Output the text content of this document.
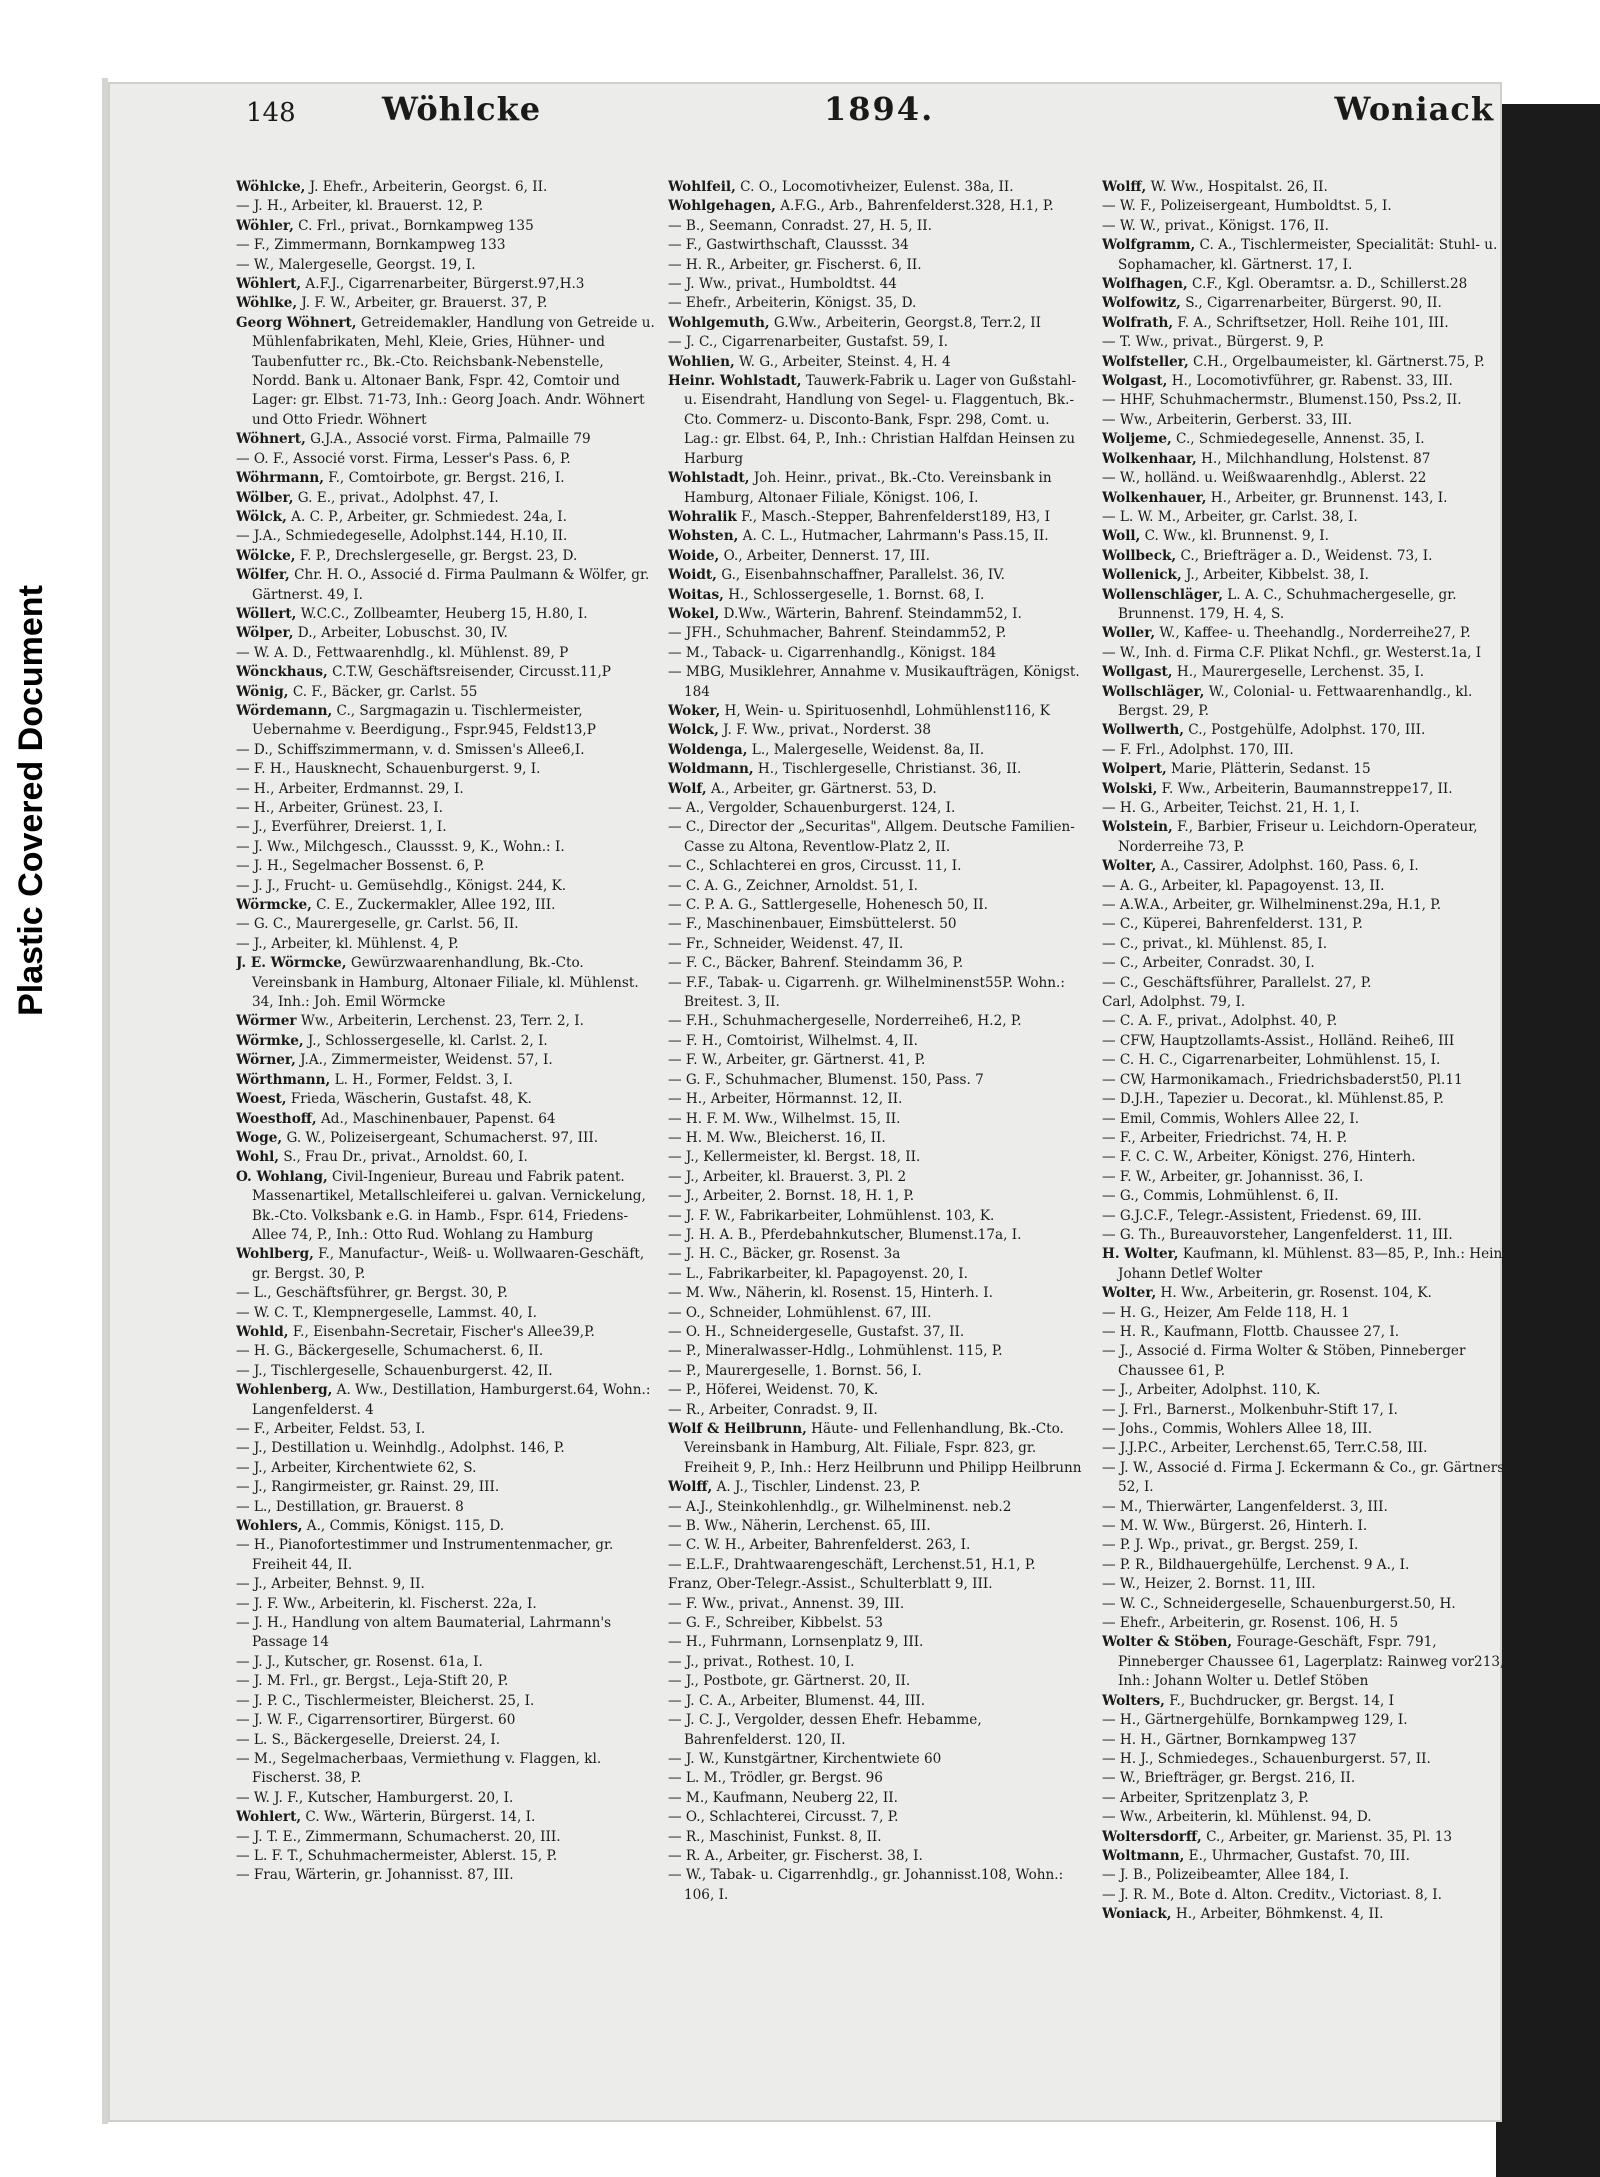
Plastic Covered Document
148	Wöhlcke	1894.	Woniack
Wöhlcke, J. Ehefr., Arbeiterin, Georgst. 6, II.
— J. H., Arbeiter, kl. Brauerst. 12, P.
Wöhler, C. Frl., privat., Bornkampweg 135
— F., Zimmermann, Bornkampweg 133
— W., Malergeselle, Georgst. 19, I.
Wöhlert, A.F.J., Cigarrenarbeiter, Bürgerst.97,H.3
Wöhlke, J. F. W., Arbeiter, gr. Brauerst. 37, P.
Georg Wöhnert, Getreidemakler, Handlung von Getreide u. Mühlenfabrikaten, Mehl, Kleie, Gries, Hühner- und Taubenfutter rc., Bk.-Cto. Reichsbank-Nebenstelle, Nordd. Bank u. Altonaer Bank, Fspr. 42, Comtoir und Lager: gr. Elbst. 71-73, Inh.: Georg Joach. Andr. Wöhnert und Otto Friedr. Wöhnert
Wöhnert, G.J.A., Associé vorst. Firma, Palmaille 79
— O. F., Associé vorst. Firma, Lesser's Pass. 6, P.
Wöhrmann, F., Comtoirbote, gr. Bergst. 216, I.
Wölber, G. E., privat., Adolphst. 47, I.
Wölck, A. C. P., Arbeiter, gr. Schmiedest. 24a, I.
— J.A., Schmiedegeselle, Adolphst.144, H.10, II.
Wölcke, F. P., Drechslergeselle, gr. Bergst. 23, D.
Wölfer, Chr. H. O., Associé d. Firma Paulmann & Wölfer, gr. Gärtnerst. 49, I.
Wöllert, W.C.C., Zollbeamter, Heuberg 15, H.80, I.
Wölper, D., Arbeiter, Lobuschst. 30, IV.
— W. A. D., Fettwaarenhdlg., kl. Mühlenst. 89, P
Wönckhaus, C.T.W, Geschäftsreisender, Circusst.11,P
Wönig, C. F., Bäcker, gr. Carlst. 55
Wördemann, C., Sargmagazin u. Tischlermeister, Uebernahme v. Beerdigung., Fspr.945, Feldst13,P
— D., Schiffszimmermann, v. d. Smissen's Allee6,I.
— F. H., Hausknecht, Schauenburgerst. 9, I.
— H., Arbeiter, Erdmannst. 29, I.
— H., Arbeiter, Grünest. 23, I.
— J., Everführer, Dreierst. 1, I.
— J. Ww., Milchgesch., Claussst. 9, K., Wohn.: I.
— J. H., Segelmacher Bossenst. 6, P.
— J. J., Frucht- u. Gemüsehdlg., Königst. 244, K.
Wörmcke, C. E., Zuckermakler, Allee 192, III.
— G. C., Maurergeselle, gr. Carlst. 56, II.
— J., Arbeiter, kl. Mühlenst. 4, P.
J. E. Wörmcke, Gewürzwaarenhandlung, Bk.-Cto. Vereinsbank in Hamburg, Altonaer Filiale, kl. Mühlenst. 34, Inh.: Joh. Emil Wörmcke
Wörmer Ww., Arbeiterin, Lerchenst. 23, Terr. 2, I.
Wörmke, J., Schlossergeselle, kl. Carlst. 2, I.
Wörner, J.A., Zimmermeister, Weidenst. 57, I.
Wörthmann, L. H., Former, Feldst. 3, I.
Woest, Frieda, Wäscherin, Gustafst. 48, K.
Woesthoff, Ad., Maschinenbauer, Papenst. 64
Woge, G. W., Polizeisergeant, Schumacherst. 97, III.
Wohl, S., Frau Dr., privat., Arnoldst. 60, I.
O. Wohlang, Civil-Ingenieur, Bureau und Fabrik patent. Massenartikel, Metallschleiferei u. galvan. Vernickelung, Bk.-Cto. Volksbank e.G. in Hamb., Fspr. 614, Friedens-Allee 74, P., Inh.: Otto Rud. Wohlang zu Hamburg
Wohlberg, F., Manufactur-, Weiß- u. Wollwaaren-Geschäft, gr. Bergst. 30, P.
— L., Geschäftsführer, gr. Bergst. 30, P.
— W. C. T., Klempnergeselle, Lammst. 40, I.
Wohld, F., Eisenbahn-Secretair, Fischer's Allee39,P.
— H. G., Bäckergeselle, Schumacherst. 6, II.
— J., Tischlergeselle, Schauenburgerst. 42, II.
Wohlenberg, A. Ww., Destillation, Hamburgerst.64, Wohn.: Langenfelderst. 4
— F., Arbeiter, Feldst. 53, I.
— J., Destillation u. Weinhdlg., Adolphst. 146, P.
— J., Arbeiter, Kirchentwiete 62, S.
— J., Rangirmeister, gr. Rainst. 29, III.
— L., Destillation, gr. Brauerst. 8
Wohlers, A., Commis, Königst. 115, D.
— H., Pianofortestimmer und Instrumentenmacher, gr. Freiheit 44, II.
— J., Arbeiter, Behnst. 9, II.
— J. F. Ww., Arbeiterin, kl. Fischerst. 22a, I.
— J. H., Handlung von altem Baumaterial, Lahrmann's Passage 14
— J. J., Kutscher, gr. Rosenst. 61a, I.
— J. M. Frl., gr. Bergst., Leja-Stift 20, P.
— J. P. C., Tischlermeister, Bleicherst. 25, I.
— J. W. F., Cigarrensortirer, Bürgerst. 60
— L. S., Bäckergeselle, Dreierst. 24, I.
— M., Segelmacherbaas, Vermiethung v. Flaggen, kl. Fischerst. 38, P.
— W. J. F., Kutscher, Hamburgerst. 20, I.
Wohlert, C. Ww., Wärterin, Bürgerst. 14, I.
— J. T. E., Zimmermann, Schumacherst. 20, III.
— L. F. T., Schuhmachermeister, Ablerst. 15, P.
— Frau, Wärterin, gr. Johannisst. 87, III.
Wohlfeil, C. O., Locomotivheizer, Eulenst. 38a, II.
Wohlgehagen, A.F.G., Arb., Bahrenfelderst.328, H.1, P.
— B., Seemann, Conradst. 27, H. 5, II.
— F., Gastwirthschaft, Claussst. 34
— H. R., Arbeiter, gr. Fischerst. 6, II.
— J. Ww., privat., Humboldtst. 44
— Ehefr., Arbeiterin, Königst. 35, D.
Wohlgemuth, G.Ww., Arbeiterin, Georgst.8, Terr.2, II
— J. C., Cigarrenarbeiter, Gustafst. 59, I.
Wohlien, W. G., Arbeiter, Steinst. 4, H. 4
Heinr. Wohlstadt, Tauwerk-Fabrik u. Lager von Gußstahl- u. Eisendraht, Handlung von Segel- u. Flaggentuch, Bk.-Cto. Commerz- u. Disconto-Bank, Fspr. 298, Comt. u. Lag.: gr. Elbst. 64, P., Inh.: Christian Halfdan Heinsen zu Harburg
Wohlstadt, Joh. Heinr., privat., Bk.-Cto. Vereinsbank in Hamburg, Altonaer Filiale, Königst. 106, I.
Wohralik F., Masch.-Stepper, Bahrenfelderst189, H3, I
Wohsten, A. C. L., Hutmacher, Lahrmann's Pass.15, II.
Woide, O., Arbeiter, Dennerst. 17, III.
Woidt, G., Eisenbahnschaffner, Parallelst. 36, IV.
Woitas, H., Schlossergeselle, 1. Bornst. 68, I.
Wokel, D.Ww., Wärterin, Bahrenf. Steindamm52, I.
— JFH., Schuhmacher, Bahrenf. Steindamm52, P.
— M., Taback- u. Cigarrenhandlg., Königst. 184
— MBG, Musiklehrer, Annahme v. Musikaufträgen, Königst. 184
Woker, H, Wein- u. Spirituosenhdl, Lohmühlenst116, K
Wolck, J. F. Ww., privat., Norderst. 38
Woldenga, L., Malergeselle, Weidenst. 8a, II.
Woldmann, H., Tischlergeselle, Christianst. 36, II.
Wolf, A., Arbeiter, gr. Gärtnerst. 53, D.
— A., Vergolder, Schauenburgerst. 124, I.
— C., Director der „Securitas", Allgem. Deutsche Familien-Casse zu Altona, Reventlow-Platz 2, II.
— C., Schlachterei en gros, Circusst. 11, I.
— C. A. G., Zeichner, Arnoldst. 51, I.
— C. P. A. G., Sattlergeselle, Hohenesch 50, II.
— F., Maschinenbauer, Eimsbüttelerst. 50
— Fr., Schneider, Weidenst. 47, II.
— F. C., Bäcker, Bahrenf. Steindamm 36, P.
— F.F., Tabak- u. Cigarrenh. gr. Wilhelminenst55P. Wohn.: Breitest. 3, II.
— F.H., Schuhmachergeselle, Norderreihe6, H.2, P.
— F. H., Comtoirist, Wilhelmst. 4, II.
— F. W., Arbeiter, gr. Gärtnerst. 41, P.
— G. F., Schuhmacher, Blumenst. 150, Pass. 7
— H., Arbeiter, Hörmannst. 12, II.
— H. F. M. Ww., Wilhelmst. 15, II.
— H. M. Ww., Bleicherst. 16, II.
— J., Kellermeister, kl. Bergst. 18, II.
— J., Arbeiter, kl. Brauerst. 3, Pl. 2
— J., Arbeiter, 2. Bornst. 18, H. 1, P.
— J. F. W., Fabrikarbeiter, Lohmühlenst. 103, K.
— J. H. A. B., Pferdebahnkutscher, Blumenst.17a, I.
— J. H. C., Bäcker, gr. Rosenst. 3a
— L., Fabrikarbeiter, kl. Papagoyenst. 20, I.
— M. Ww., Näherin, kl. Rosenst. 15, Hinterh. I.
— O., Schneider, Lohmühlenst. 67, III.
— O. H., Schneidergeselle, Gustafst. 37, II.
— P., Mineralwasser-Hdlg., Lohmühlenst. 115, P.
— P., Maurergeselle, 1. Bornst. 56, I.
— P., Höferei, Weidenst. 70, K.
— R., Arbeiter, Conradst. 9, II.
Wolf & Heilbrunn, Häute- und Fellenhandlung, Bk.-Cto. Vereinsbank in Hamburg, Alt. Filiale, Fspr. 823, gr. Freiheit 9, P., Inh.: Herz Heilbrunn und Philipp Heilbrunn
Wolff, A. J., Tischler, Lindenst. 23, P.
— A.J., Steinkohlenhdlg., gr. Wilhelminenst. neb.2
— B. Ww., Näherin, Lerchenst. 65, III.
— C. W. H., Arbeiter, Bahrenfelderst. 263, I.
— E.L.F., Drahtwaarengeschäft, Lerchenst.51, H.1, P.
Franz, Ober-Telegr.-Assist., Schulterblatt 9, III.
— F. Ww., privat., Annenst. 39, III.
— G. F., Schreiber, Kibbelst. 53
— H., Fuhrmann, Lornsenplatz 9, III.
— J., privat., Rothest. 10, I.
— J., Postbote, gr. Gärtnerst. 20, II.
— J. C. A., Arbeiter, Blumenst. 44, III.
— J. C. J., Vergolder, dessen Ehefr. Hebamme, Bahrenfelderst. 120, II.
— J. W., Kunstgärtner, Kirchentwiete 60
— L. M., Trödler, gr. Bergst. 96
— M., Kaufmann, Neuberg 22, II.
— O., Schlachterei, Circusst. 7, P.
— R., Maschinist, Funkst. 8, II.
— R. A., Arbeiter, gr. Fischerst. 38, I.
— W., Tabak- u. Cigarrenhdlg., gr. Johannisst.108, Wohn.: 106, I.
Wolff, W. Ww., Hospitalst. 26, II.
— W. F., Polizeisergeant, Humboldtst. 5, I.
— W. W., privat., Königst. 176, II.
Wolfgramm, C. A., Tischlermeister, Specialität: Stuhl- u. Sophamacher, kl. Gärtnerst. 17, I.
Wolfhagen, C.F., Kgl. Oberamtsr. a. D., Schillerst.28
Wolfowitz, S., Cigarrenarbeiter, Bürgerst. 90, II.
Wolfrath, F. A., Schriftsetzer, Holl. Reihe 101, III.
— T. Ww., privat., Bürgerst. 9, P.
Wolfsteller, C.H., Orgelbaumeister, kl. Gärtnerst.75, P.
Wolgast, H., Locomotivführer, gr. Rabenst. 33, III.
— HHF, Schuhmachermstr., Blumenst.150, Pss.2, II.
— Ww., Arbeiterin, Gerberst. 33, III.
Woljeme, C., Schmiedegeselle, Annenst. 35, I.
Wolkenhaar, H., Milchhandlung, Holstenst. 87
— W., holländ. u. Weißwaarenhdlg., Ablerst. 22
Wolkenhauer, H., Arbeiter, gr. Brunnenst. 143, I.
— L. W. M., Arbeiter, gr. Carlst. 38, I.
Woll, C. Ww., kl. Brunnenst. 9, I.
Wollbeck, C., Briefträger a. D., Weidenst. 73, I.
Wollenick, J., Arbeiter, Kibbelst. 38, I.
Wollenschläger, L. A. C., Schuhmachergeselle, gr. Brunnenst. 179, H. 4, S.
Woller, W., Kaffee- u. Theehandlg., Norderreihe27, P.
— W., Inh. d. Firma C.F. Plikat Nchfl., gr. Westerst.1a, I
Wollgast, H., Maurergeselle, Lerchenst. 35, I.
Wollschläger, W., Colonial- u. Fettwaarenhandlg., kl. Bergst. 29, P.
Wollwerth, C., Postgehülfe, Adolphst. 170, III.
— F. Frl., Adolphst. 170, III.
Wolpert, Marie, Plätterin, Sedanst. 15
Wolski, F. Ww., Arbeiterin, Baumannstreppe17, II.
— H. G., Arbeiter, Teichst. 21, H. 1, I.
Wolstein, F., Barbier, Friseur u. Leichdorn-Operateur, Norderreihe 73, P.
Wolter, A., Cassirer, Adolphst. 160, Pass. 6, I.
— A. G., Arbeiter, kl. Papagoyenst. 13, II.
— A.W.A., Arbeiter, gr. Wilhelminenst.29a, H.1, P.
— C., Küperei, Bahrenfelderst. 131, P.
— C., privat., kl. Mühlenst. 85, I.
— C., Arbeiter, Conradst. 30, I.
— C., Geschäftsführer, Parallelst. 27, P.
Carl, Adolphst. 79, I.
— C. A. F., privat., Adolphst. 40, P.
— CFW, Hauptzollamts-Assist., Holländ. Reihe6, III
— C. H. C., Cigarrenarbeiter, Lohmühlenst. 15, I.
— CW, Harmonikamach., Friedrichsbaderst50, Pl.11
— D.J.H., Tapezier u. Decorat., kl. Mühlenst.85, P.
— Emil, Commis, Wohlers Allee 22, I.
— F., Arbeiter, Friedrichst. 74, H. P.
— F. C. C. W., Arbeiter, Königst. 276, Hinterh.
— F. W., Arbeiter, gr. Johannisst. 36, I.
— G., Commis, Lohmühlenst. 6, II.
— G.J.C.F., Telegr.-Assistent, Friedenst. 69, III.
— G. Th., Bureauvorsteher, Langenfelderst. 11, III.
H. Wolter, Kaufmann, kl. Mühlenst. 83—85, P., Inh.: Heinr. Johann Detlef Wolter
Wolter, H. Ww., Arbeiterin, gr. Rosenst. 104, K.
— H. G., Heizer, Am Felde 118, H. 1
— H. R., Kaufmann, Flottb. Chaussee 27, I.
— J., Associé d. Firma Wolter & Stöben, Pinneberger Chaussee 61, P.
— J., Arbeiter, Adolphst. 110, K.
— J. Frl., Barnerst., Molkenbuhr-Stift 17, I.
— Johs., Commis, Wohlers Allee 18, III.
— J.J.P.C., Arbeiter, Lerchenst.65, Terr.C.58, III.
— J. W., Associé d. Firma J. Eckermann & Co., gr. Gärtnerst. 52, I.
— M., Thierwärter, Langenfelderst. 3, III.
— M. W. Ww., Bürgerst. 26, Hinterh. I.
— P. J. Wp., privat., gr. Bergst. 259, I.
— P. R., Bildhauergehülfe, Lerchenst. 9 A., I.
— W., Heizer, 2. Bornst. 11, III.
— W. C., Schneidergeselle, Schauenburgerst.50, H.
— Ehefr., Arbeiterin, gr. Rosenst. 106, H. 5
Wolter & Stöben, Fourage-Geschäft, Fspr. 791, Pinneberger Chaussee 61, Lagerplatz: Rainweg vor213, Inh.: Johann Wolter u. Detlef Stöben
Wolters, F., Buchdrucker, gr. Bergst. 14, I
— H., Gärtnergehülfe, Bornkampweg 129, I.
— H. H., Gärtner, Bornkampweg 137
— H. J., Schmiedeges., Schauenburgerst. 57, II.
— W., Briefträger, gr. Bergst. 216, II.
— Arbeiter, Spritzenplatz 3, P.
— Ww., Arbeiterin, kl. Mühlenst. 94, D.
Woltersdorff, C., Arbeiter, gr. Marienst. 35, Pl. 13
Woltmann, E., Uhrmacher, Gustafst. 70, III.
— J. B., Polizeibeamter, Allee 184, I.
— J. R. M., Bote d. Alton. Creditv., Victoriast. 8, I.
Woniack, H., Arbeiter, Böhmkenst. 4, II.
